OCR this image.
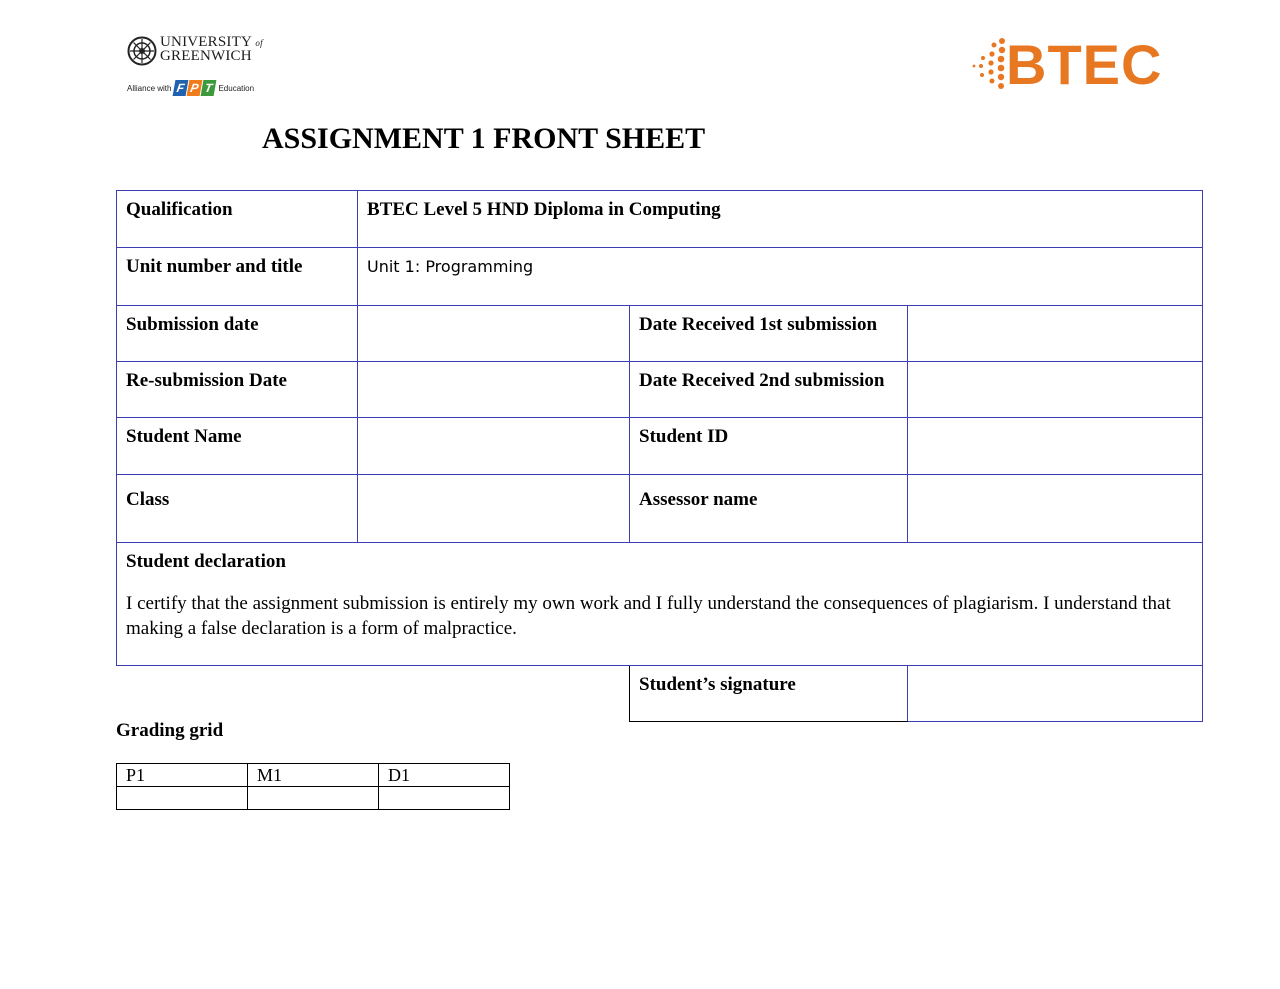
UNIVERSITY of
GREENWICH
Alliance with F P T Education	BTEC
ASSIGNMENT 1 FRONT SHEET
Qualification	BTEC Level 5 HND Diploma in Computing		
Unit number and title	Unit 1: Programming		
Submission date		Date Received 1st submission	
Re-submission Date		Date Received 2nd submission	
Student Name		Student ID	
Class		Assessor name	

Student declaration
I certify that the assignment submission is entirely my own work and I fully understand the consequences of plagiarism. I understand that making a false declaration is a form of malpractice.			
Student’s signature	
Grading grid
P1	M1	D1
